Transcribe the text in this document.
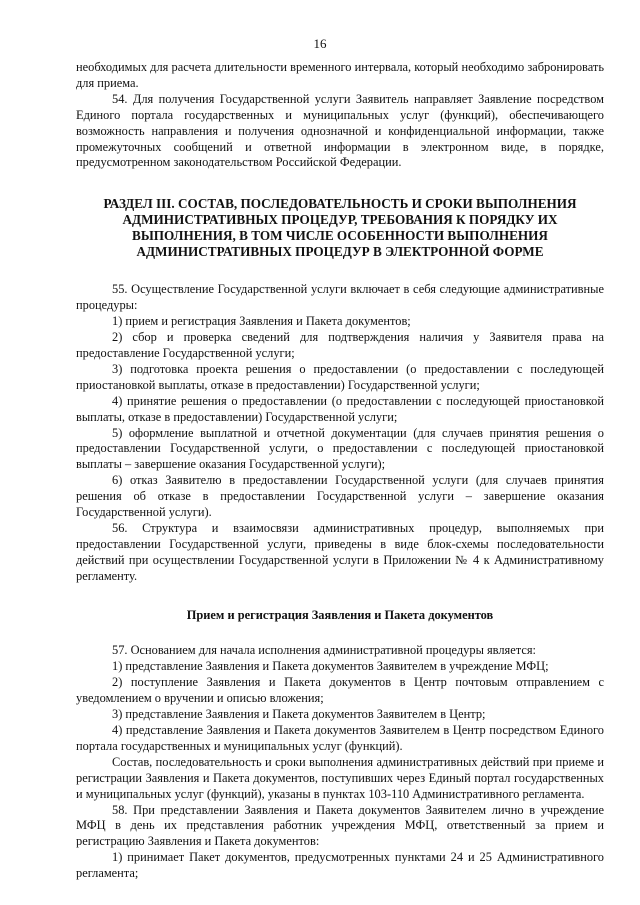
16

необходимых для расчета длительности временного интервала, который необходимо забронировать для приема.

54. Для получения Государственной услуги Заявитель направляет Заявление посредством Единого портала государственных и муниципальных услуг (функций), обеспечивающего возможность направления и получения однозначной и конфиденциальной информации, также промежуточных сообщений и ответной информации в электронном виде, в порядке, предусмотренном законодательством Российской Федерации.

РАЗДЕЛ III. СОСТАВ, ПОСЛЕДОВАТЕЛЬНОСТЬ И СРОКИ ВЫПОЛНЕНИЯ АДМИНИСТРАТИВНЫХ ПРОЦЕДУР, ТРЕБОВАНИЯ К ПОРЯДКУ ИХ ВЫПОЛНЕНИЯ, В ТОМ ЧИСЛЕ ОСОБЕННОСТИ ВЫПОЛНЕНИЯ АДМИНИСТРАТИВНЫХ ПРОЦЕДУР В ЭЛЕКТРОННОЙ ФОРМЕ

55. Осуществление Государственной услуги включает в себя следующие административные процедуры:

1) прием и регистрация Заявления и Пакета документов;

2) сбор и проверка сведений для подтверждения наличия у Заявителя права на предоставление Государственной услуги;

3) подготовка проекта решения о предоставлении (о предоставлении с последующей приостановкой выплаты, отказе в предоставлении) Государственной услуги;

4) принятие решения о предоставлении (о предоставлении с последующей приостановкой выплаты, отказе в предоставлении) Государственной услуги;

5) оформление выплатной и отчетной документации (для случаев принятия решения о предоставлении Государственной услуги, о предоставлении с последующей приостановкой выплаты – завершение оказания Государственной услуги);

6) отказ Заявителю в предоставлении Государственной услуги (для случаев принятия решения об отказе в предоставлении Государственной услуги – завершение оказания Государственной услуги).

56. Структура и взаимосвязи административных процедур, выполняемых при предоставлении Государственной услуги, приведены в виде блок-схемы последовательности действий при осуществлении Государственной услуги в Приложении № 4 к Административному регламенту.

Прием и регистрация Заявления и Пакета документов

57. Основанием для начала исполнения административной процедуры является:

1) представление Заявления и Пакета документов Заявителем в учреждение МФЦ;

2) поступление Заявления и Пакета документов в Центр почтовым отправлением с уведомлением о вручении и описью вложения;

3) представление Заявления и Пакета документов Заявителем в Центр;

4) представление Заявления и Пакета документов Заявителем в Центр посредством Единого портала государственных и муниципальных услуг (функций).

Состав, последовательность и сроки выполнения административных действий при приеме и регистрации Заявления и Пакета документов, поступивших через Единый портал государственных и муниципальных услуг (функций), указаны в пунктах 103-110 Административного регламента.

58. При представлении Заявления и Пакета документов Заявителем лично в учреждение МФЦ в день их представления работник учреждения МФЦ, ответственный за прием и регистрацию Заявления и Пакета документов:

1) принимает Пакет документов, предусмотренных пунктами 24 и 25 Административного регламента;
